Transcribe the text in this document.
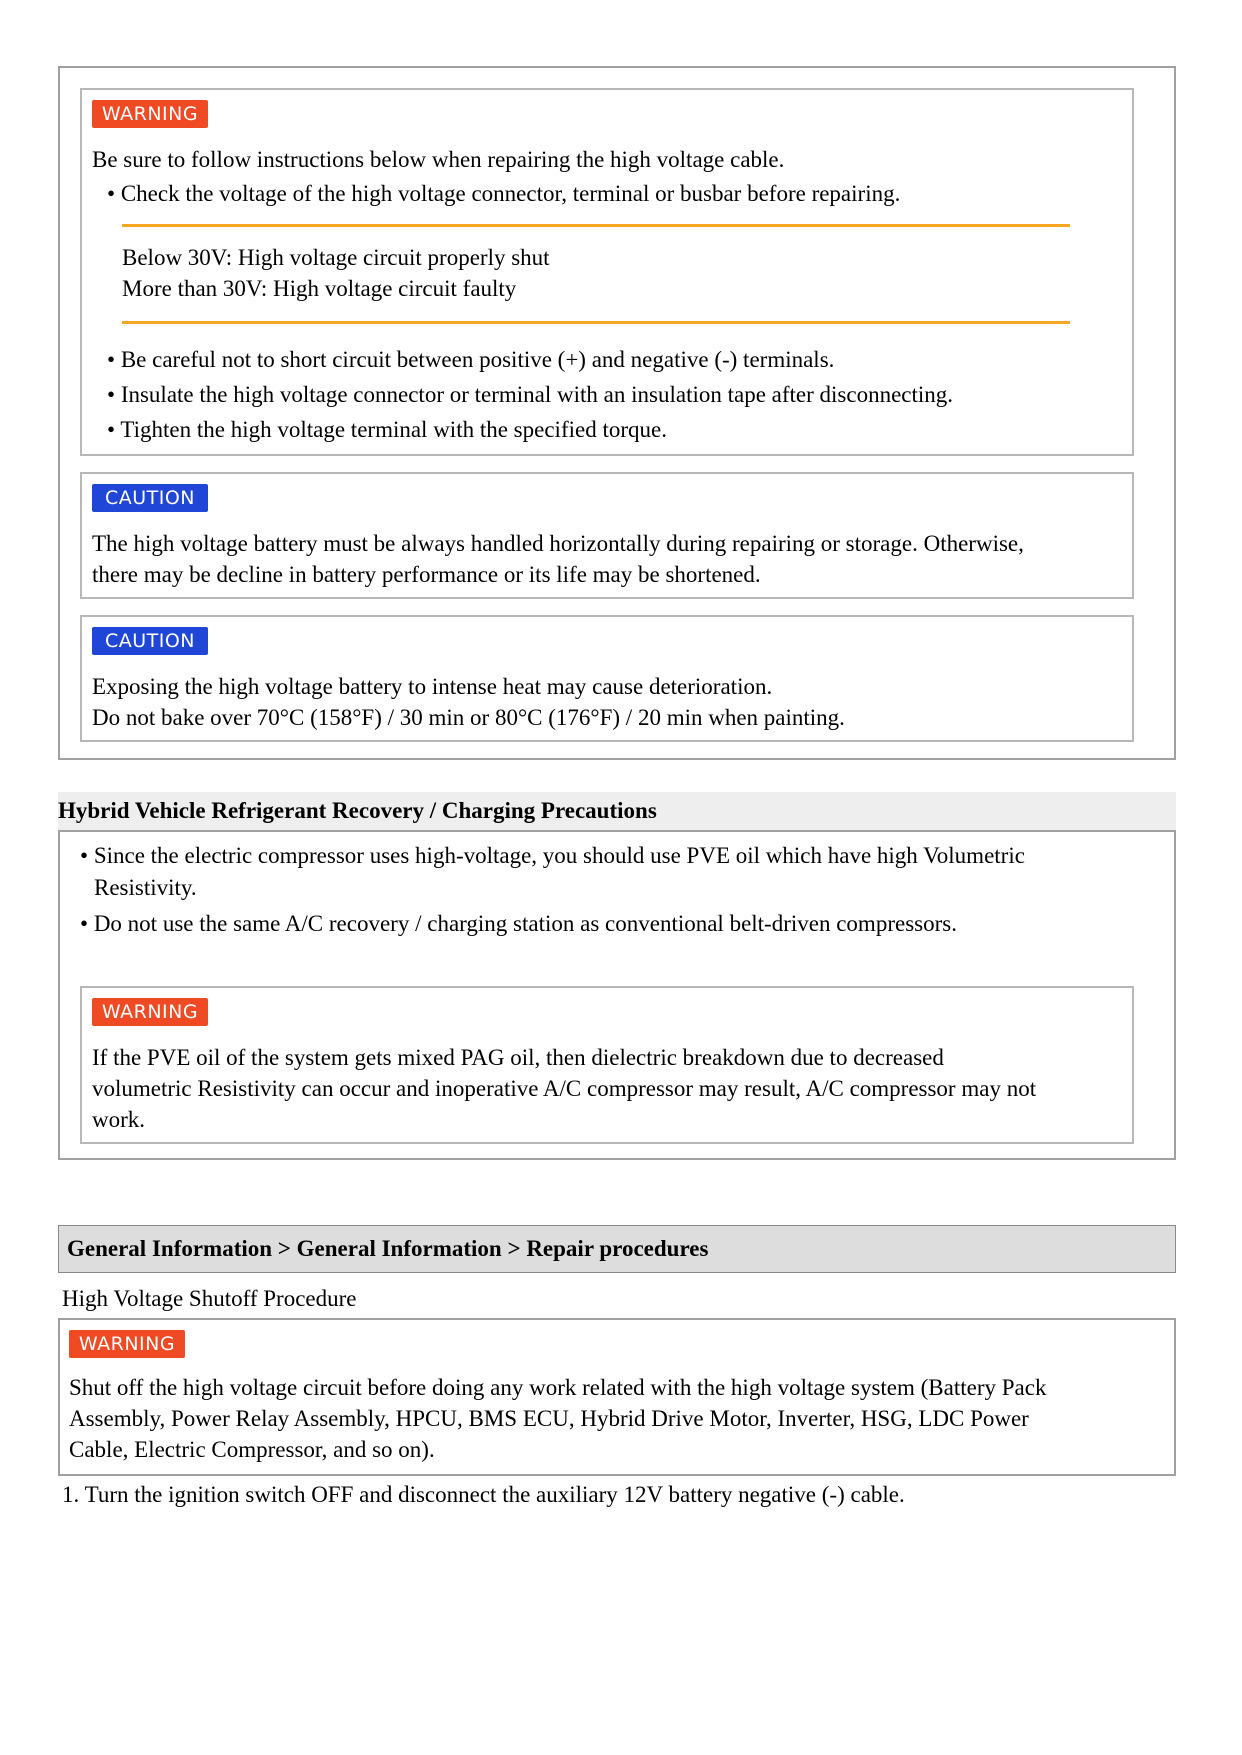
WARNING
Be sure to follow instructions below when repairing the high voltage cable.
• Check the voltage of the high voltage connector, terminal or busbar before repairing.
Below 30V: High voltage circuit properly shut
More than 30V: High voltage circuit faulty
• Be careful not to short circuit between positive (+) and negative (-) terminals.
• Insulate the high voltage connector or terminal with an insulation tape after disconnecting.
• Tighten the high voltage terminal with the specified torque.
CAUTION
The high voltage battery must be always handled horizontally during repairing or storage. Otherwise,
there may be decline in battery performance or its life may be shortened.
CAUTION
Exposing the high voltage battery to intense heat may cause deterioration.
Do not bake over 70°C (158°F) / 30 min or 80°C (176°F) / 20 min when painting.
Hybrid Vehicle Refrigerant Recovery / Charging Precautions
• Since the electric compressor uses high-voltage, you should use PVE oil which have high Volumetric
Resistivity.
• Do not use the same A/C recovery / charging station as conventional belt-driven compressors.
WARNING
If the PVE oil of the system gets mixed PAG oil, then dielectric breakdown due to decreased
volumetric Resistivity can occur and inoperative A/C compressor may result, A/C compressor may not
work.
General Information > General Information > Repair procedures
High Voltage Shutoff Procedure
WARNING
Shut off the high voltage circuit before doing any work related with the high voltage system (Battery Pack
Assembly, Power Relay Assembly, HPCU, BMS ECU, Hybrid Drive Motor, Inverter, HSG, LDC Power
Cable, Electric Compressor, and so on).
1. Turn the ignition switch OFF and disconnect the auxiliary 12V battery negative (-) cable.
